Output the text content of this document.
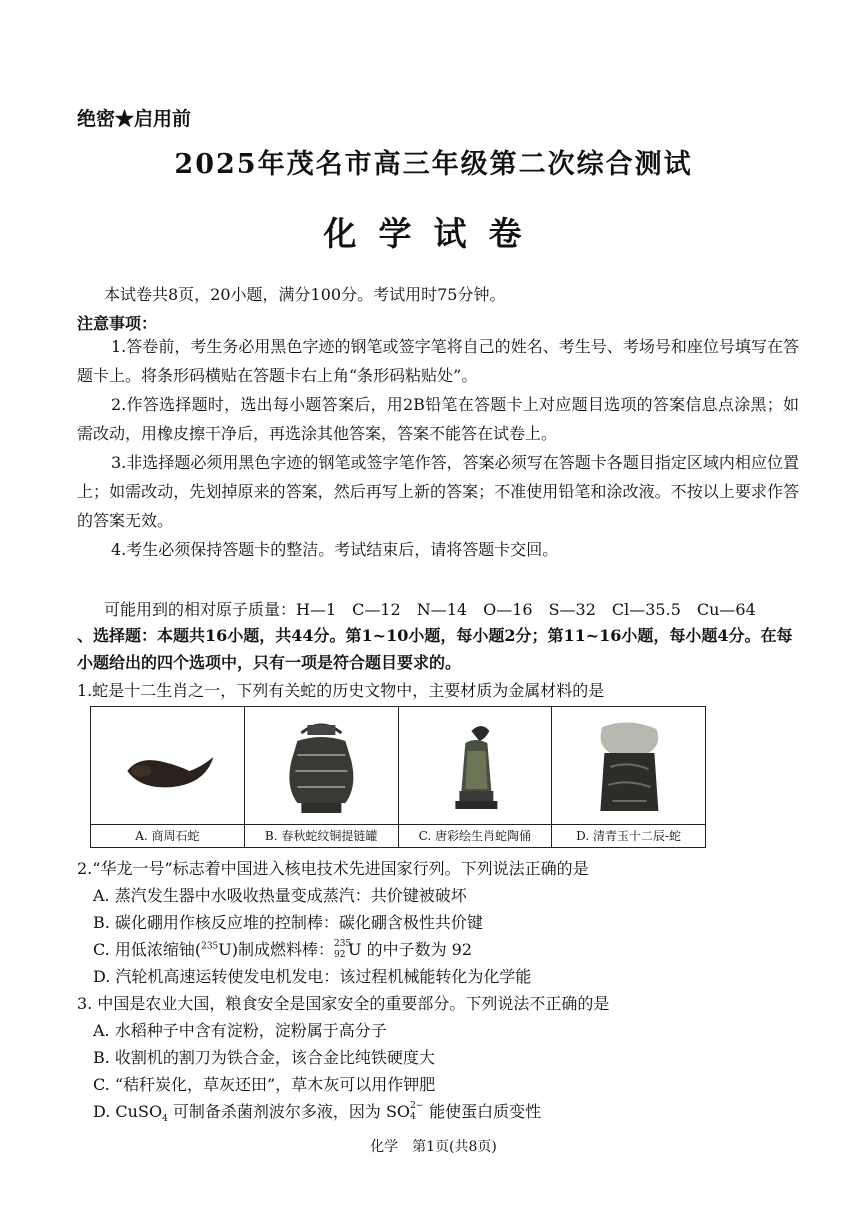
绝密★启用前
2025年茂名市高三年级第二次综合测试
化学试卷
本试卷共8页，20小题，满分100分。考试用时75分钟。
注意事项：
1.答卷前，考生务必用黑色字迹的钢笔或签字笔将自己的姓名、考生号、考场号和座位号填写在答题卡上。将条形码横贴在答题卡右上角“条形码粘贴处”。
2.作答选择题时，选出每小题答案后，用2B铅笔在答题卡上对应题目选项的答案信息点涂黑；如需改动，用橡皮擦干净后，再选涂其他答案，答案不能答在试卷上。
3.非选择题必须用黑色字迹的钢笔或签字笔作答，答案必须写在答题卡各题目指定区域内相应位置上；如需改动，先划掉原来的答案，然后再写上新的答案；不准使用铅笔和涂改液。不按以上要求作答的答案无效。
4.考生必须保持答题卡的整洁。考试结束后，请将答题卡交回。
可能用到的相对原子质量：H—1　C—12　N—14　O—16　S—32　Cl—35.5　Cu—64
、选择题：本题共16小题，共44分。第1~10小题，每小题2分；第11~16小题，每小题4分。在每小题给出的四个选项中，只有一项是符合题目要求的。
1.蛇是十二生肖之一，下列有关蛇的历史文物中，主要材质为金属材料的是
A. 商周石蛇	B. 春秋蛇纹铜提链罐	C. 唐彩绘生肖蛇陶俑	D. 清青玉十二辰-蛇
2.“华龙一号”标志着中国进入核电技术先进国家行列。下列说法正确的是
A. 蒸汽发生器中水吸收热量变成蒸汽：共价键被破坏
B. 碳化硼用作核反应堆的控制棒：碳化硼含极性共价键
C. 用低浓缩铀($^{235}$U)制成燃料棒： 235
92 U 的中子数为 92
D. 汽轮机高速运转使发电机发电：该过程机械能转化为化学能
3. 中国是农业大国，粮食安全是国家安全的重要部分。下列说法不正确的是
A. 水稻种子中含有淀粉，淀粉属于高分子
B. 收割机的割刀为铁合金，该合金比纯铁硬度大
C. “秸秆炭化，草灰还田”，草木灰可以用作钾肥
D. CuSO$_4$ 可制备杀菌剂波尔多液，因为 SO 2−
4 能使蛋白质变性
化学　第1页(共8页)
